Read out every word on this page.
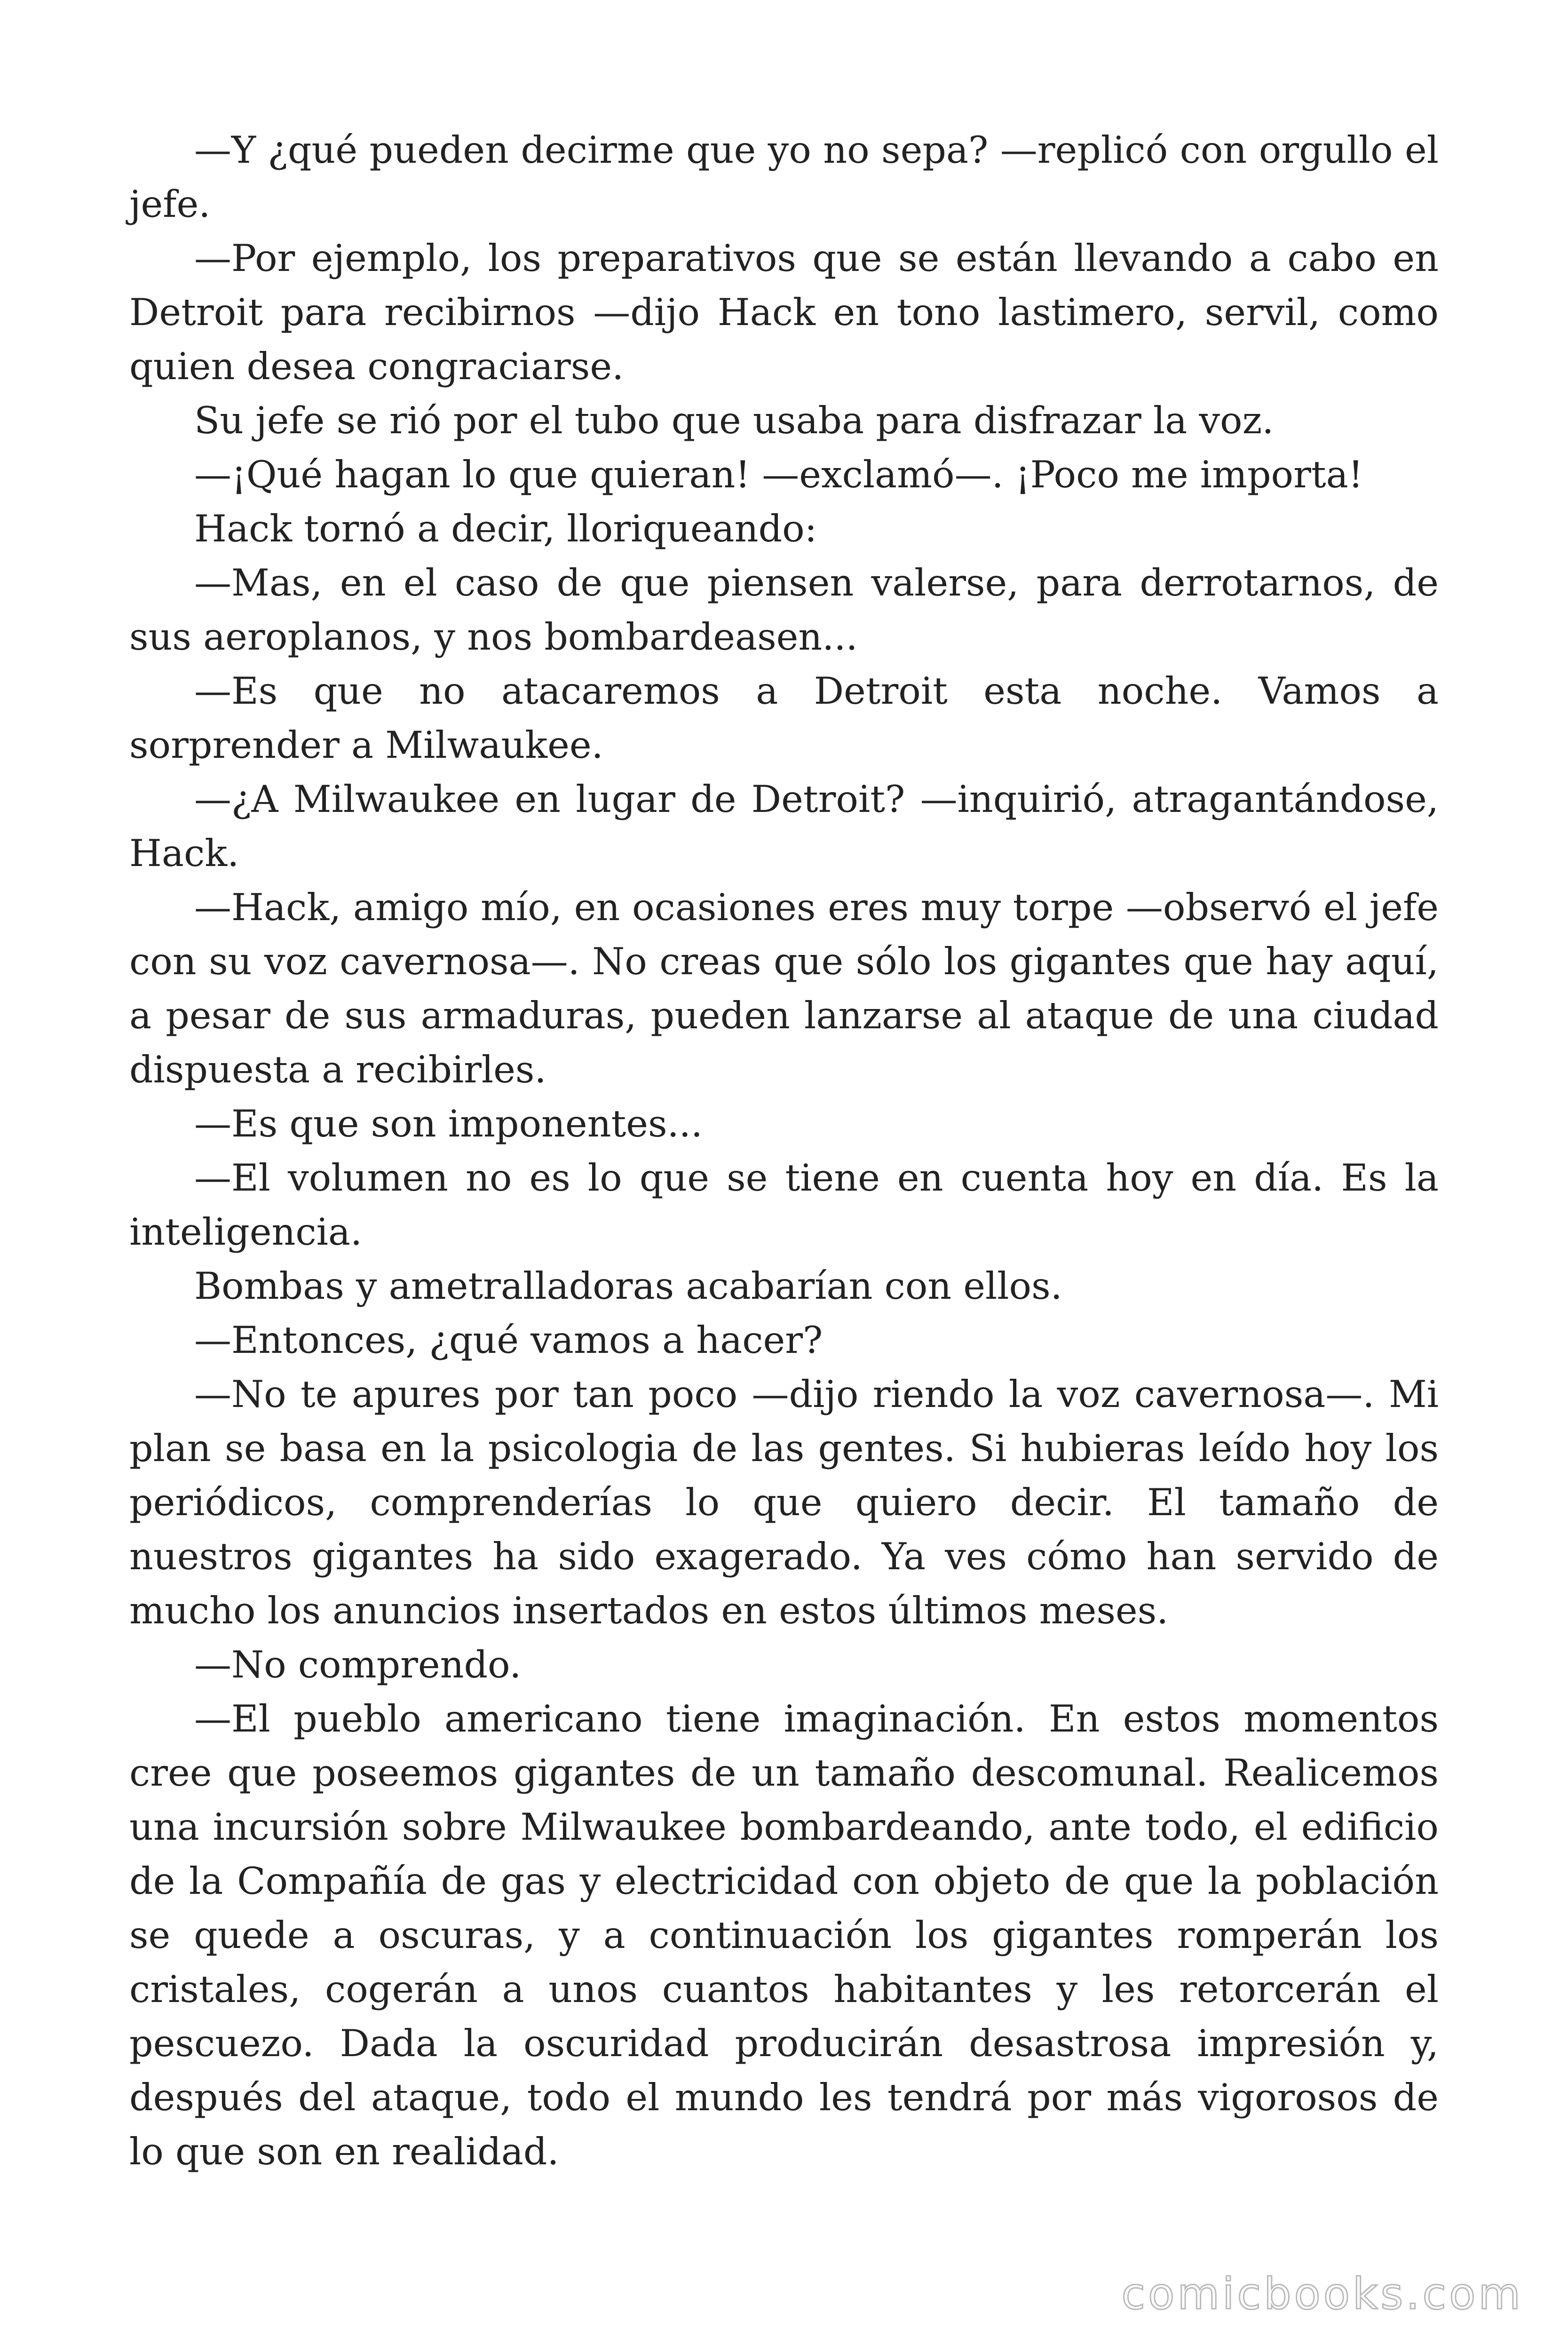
—Y ¿qué pueden decirme que yo no sepa? —replicó con orgullo el jefe.

—Por ejemplo, los preparativos que se están llevando a cabo en Detroit para recibirnos —dijo Hack en tono lastimero, servil, como quien desea congraciarse.

Su jefe se rió por el tubo que usaba para disfrazar la voz.

—¡Qué hagan lo que quieran! —exclamó—. ¡Poco me importa!

Hack tornó a decir, lloriqueando:

—Mas, en el caso de que piensen valerse, para derrotarnos, de sus aeroplanos, y nos bombardeasen...

—Es que no atacaremos a Detroit esta noche. Vamos a sorprender a Milwaukee.

—¿A Milwaukee en lugar de Detroit? —inquirió, atragantándose, Hack.

—Hack, amigo mío, en ocasiones eres muy torpe —observó el jefe con su voz cavernosa—. No creas que sólo los gigantes que hay aquí, a pesar de sus armaduras, pueden lanzarse al ataque de una ciudad dispuesta a recibirles.

—Es que son imponentes...

—El volumen no es lo que se tiene en cuenta hoy en día. Es la inteligencia.

Bombas y ametralladoras acabarían con ellos.

—Entonces, ¿qué vamos a hacer?

—No te apures por tan poco —dijo riendo la voz cavernosa—. Mi plan se basa en la psicologia de las gentes. Si hubieras leído hoy los periódicos, comprenderías lo que quiero decir. El tamaño de nuestros gigantes ha sido exagerado. Ya ves cómo han servido de mucho los anuncios insertados en estos últimos meses.

—No comprendo.

—El pueblo americano tiene imaginación. En estos momentos cree que poseemos gigantes de un tamaño descomunal. Realicemos una incursión sobre Milwaukee bombardeando, ante todo, el edificio de la Compañía de gas y electricidad con objeto de que la población se quede a oscuras, y a continuación los gigantes romperán los cristales, cogerán a unos cuantos habitantes y les retorcerán el pescuezo. Dada la oscuridad producirán desastrosa impresión y, después del ataque, todo el mundo les tendrá por más vigorosos de lo que son en realidad.

comicbooks.com
